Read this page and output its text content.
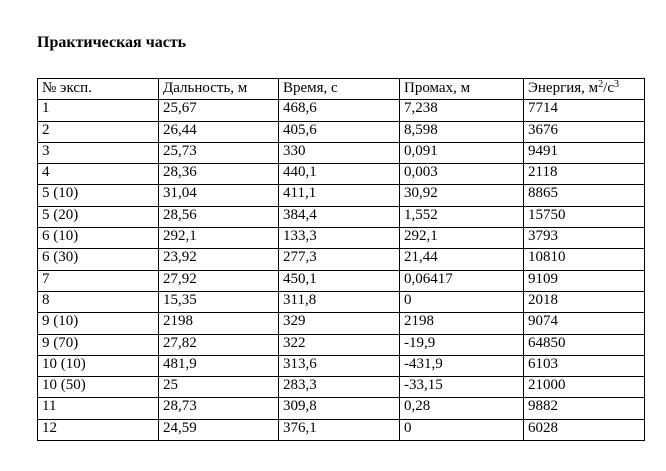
Практическая часть
№ эксп.	Дальность, м	Время, с	Промах, м	Энергия, $м^2/с^3$
1	25,67	468,6	7,238	7714
2	26,44	405,6	8,598	3676
3	25,73	330	0,091	9491
4	28,36	440,1	0,003	2118
5 (10)	31,04	411,1	30,92	8865
5 (20)	28,56	384,4	1,552	15750
6 (10)	292,1	133,3	292,1	3793
6 (30)	23,92	277,3	21,44	10810
7	27,92	450,1	0,06417	9109
8	15,35	311,8	0	2018
9 (10)	2198	329	2198	9074
9 (70)	27,82	322	-19,9	64850
10 (10)	481,9	313,6	-431,9	6103
10 (50)	25	283,3	-33,15	21000
11	28,73	309,8	0,28	9882
12	24,59	376,1	0	6028
